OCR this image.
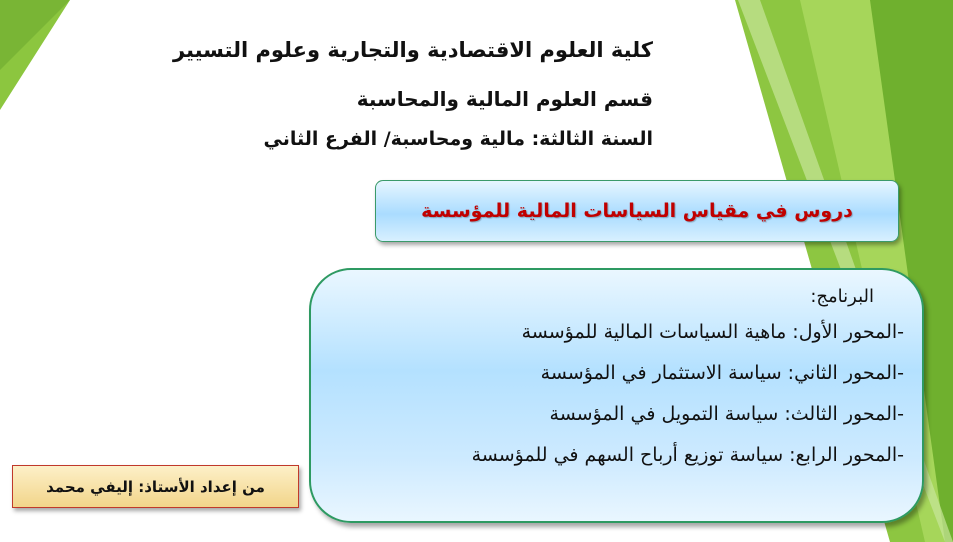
كلية العلوم الاقتصادية والتجارية وعلوم التسيير
قسم العلوم المالية والمحاسبة
السنة الثالثة: مالية ومحاسبة/ الفرع الثاني
دروس في مقياس السياسات المالية للمؤسسة
البرنامج:
-المحور الأول: ماهية السياسات المالية للمؤسسة
-المحور الثاني: سياسة الاستثمار في المؤسسة
-المحور الثالث: سياسة التمويل في المؤسسة
-المحور الرابع: سياسة توزيع أرباح السهم في للمؤسسة
من إعداد الأستاذ: إليفي محمد
